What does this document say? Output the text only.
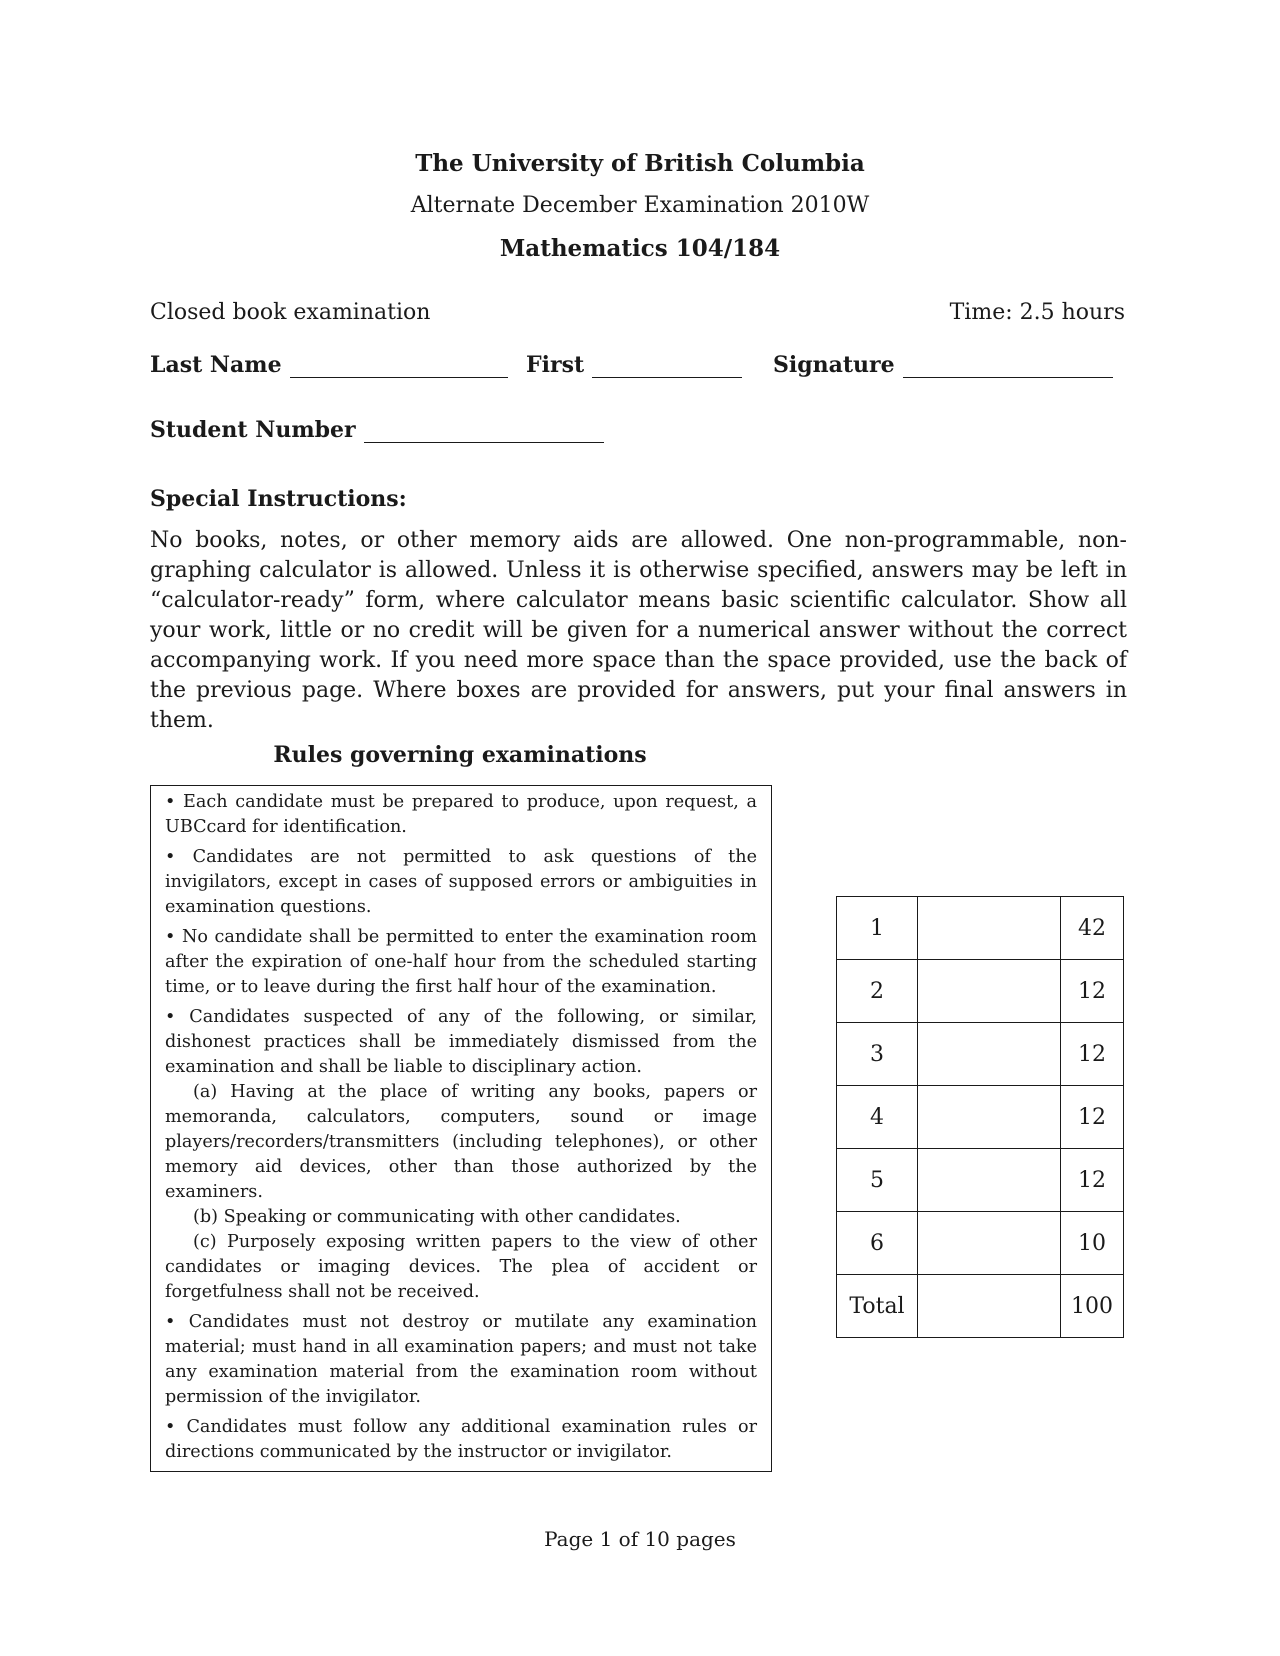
The University of British Columbia
Alternate December Examination 2010W
Mathematics 104/184
Closed book examination	Time: 2.5 hours
Last Name	First	Signature
Student Number
Special Instructions:
No books, notes, or other memory aids are allowed. One non-programmable, non-graphing calculator is allowed. Unless it is otherwise specified, answers may be left in “calculator-ready” form, where calculator means basic scientific calculator. Show all your work, little or no credit will be given for a numerical answer without the correct accompanying work. If you need more space than the space provided, use the back of the previous page. Where boxes are provided for answers, put your final answers in them.
Rules governing examinations

• Each candidate must be prepared to produce, upon request, a UBCcard for identification.

• Candidates are not permitted to ask questions of the invigilators, except in cases of supposed errors or ambiguities in examination questions.

• No candidate shall be permitted to enter the examination room after the expiration of one-half hour from the scheduled starting time, or to leave during the first half hour of the examination.

• Candidates suspected of any of the following, or similar, dishonest practices shall be immediately dismissed from the examination and shall be liable to disciplinary action.

(a) Having at the place of writing any books, papers or memoranda, calculators, computers, sound or image players/recorders/transmitters (including telephones), or other memory aid devices, other than those authorized by the examiners.

(b) Speaking or communicating with other candidates.

(c) Purposely exposing written papers to the view of other candidates or imaging devices. The plea of accident or forgetfulness shall not be received.

• Candidates must not destroy or mutilate any examination material; must hand in all examination papers; and must not take any examination material from the examination room without permission of the invigilator.

• Candidates must follow any additional examination rules or directions communicated by the instructor or invigilator.

1		42
2		12
3		12
4		12
5		12
6		10
Total		100
Page 1 of 10 pages
